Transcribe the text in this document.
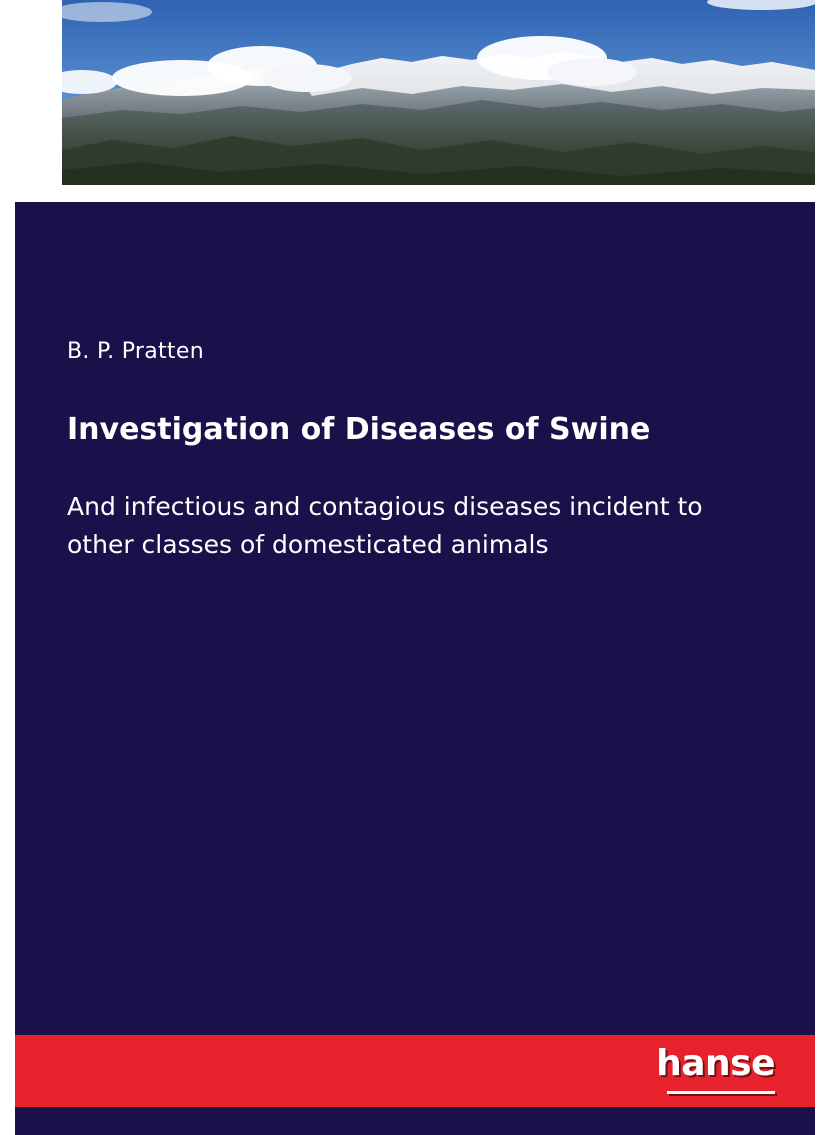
B. P. Pratten
Investigation of Diseases of Swine
And infectious and contagious diseases incident to other classes of domesticated animals
hanse
